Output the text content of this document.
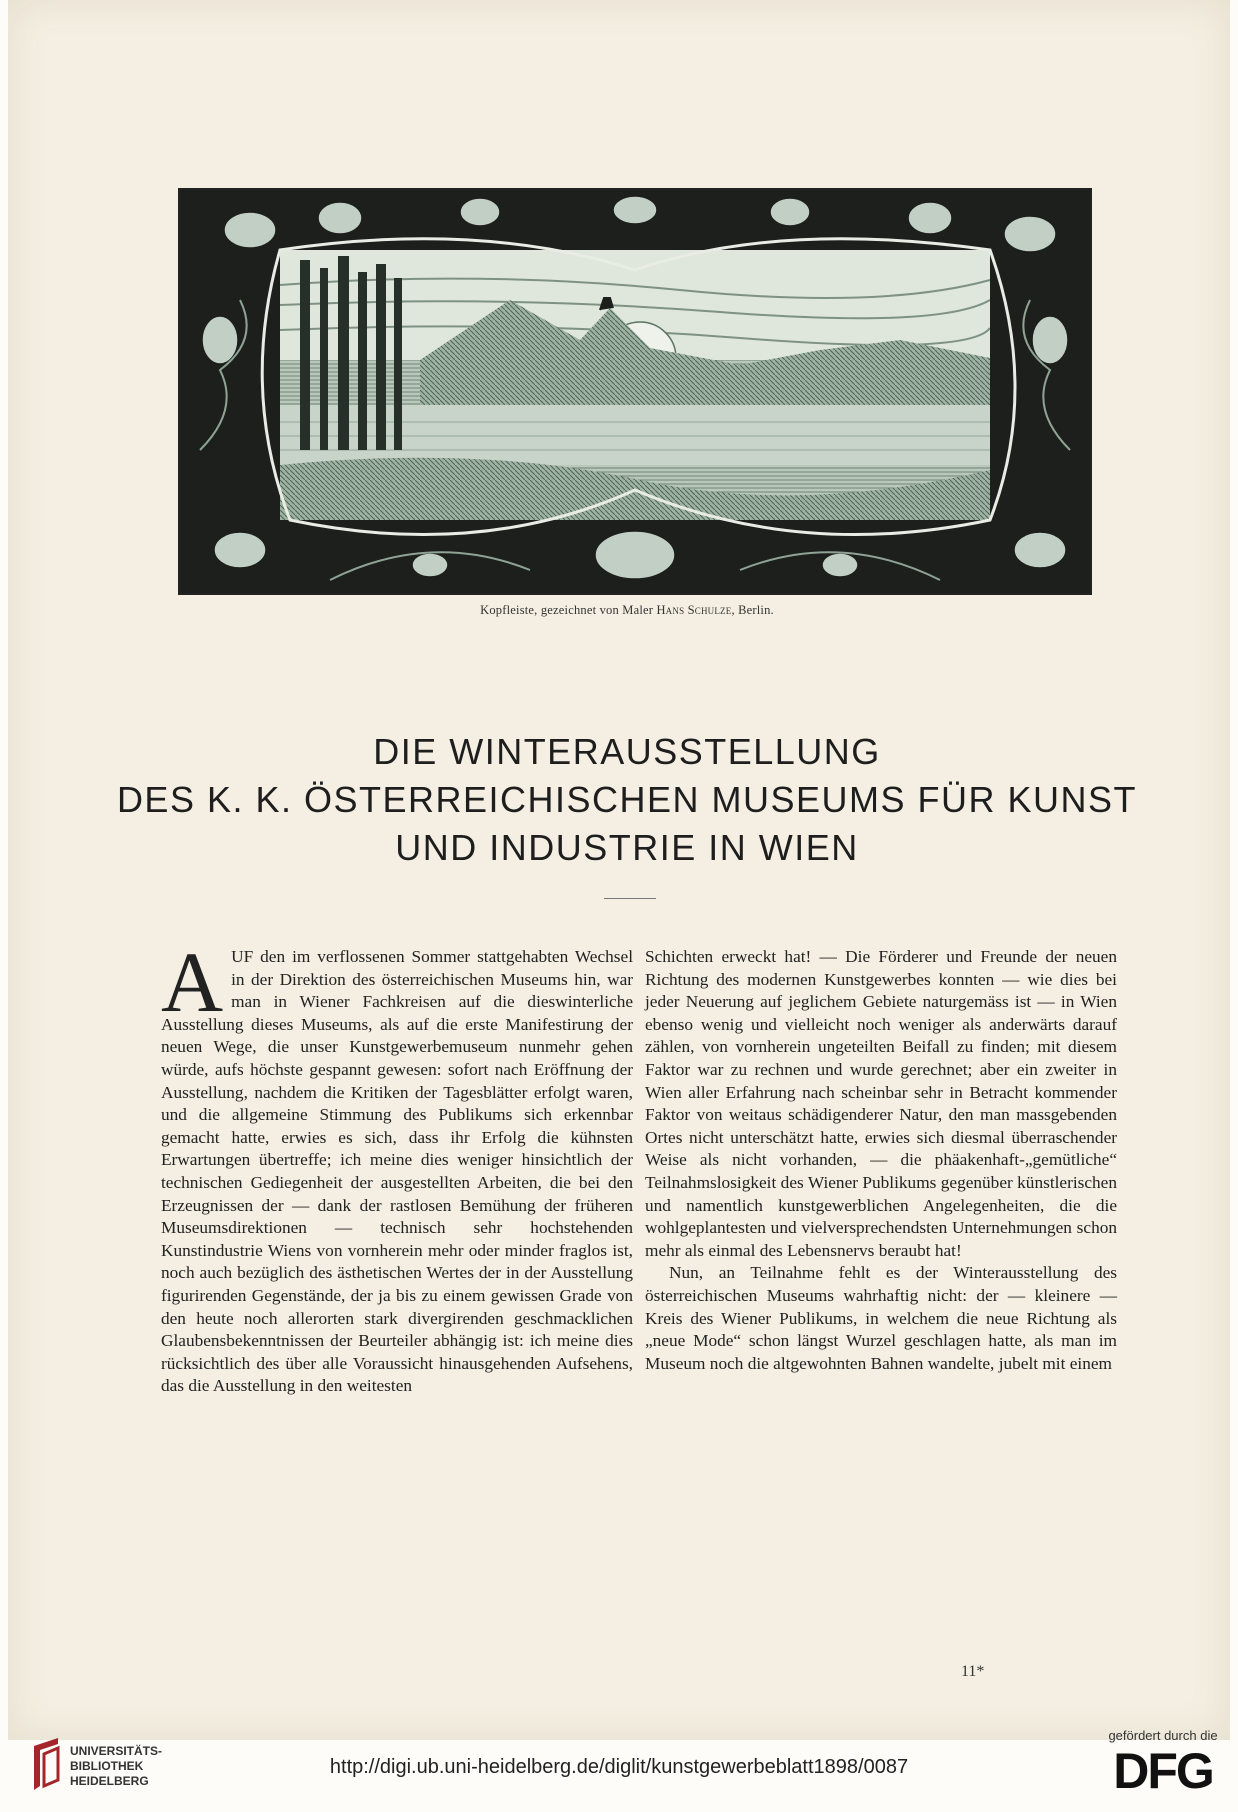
Kopfleiste, gezeichnet von Maler Hans Schulze, Berlin.
DIE WINTERAUSSTELLUNG
DES K. K. ÖSTERREICHISCHEN MUSEUMS FÜR KUNST
UND INDUSTRIE IN WIEN

AUF den im verflossenen Sommer stattgehabten Wechsel in der Direktion des österreichischen Museums hin, war man in Wiener Fachkreisen auf die dieswinterliche Ausstellung dieses Museums, als auf die erste Manifestirung der neuen Wege, die unser Kunstgewerbemuseum nunmehr gehen würde, aufs höchste gespannt gewesen: sofort nach Eröffnung der Ausstellung, nachdem die Kritiken der Tagesblätter erfolgt waren, und die allgemeine Stimmung des Publikums sich erkennbar gemacht hatte, erwies es sich, dass ihr Erfolg die kühnsten Erwartungen übertreffe; ich meine dies weniger hinsichtlich der technischen Gediegenheit der ausgestellten Arbeiten, die bei den Erzeugnissen der — dank der rastlosen Bemühung der früheren Museumsdirektionen — technisch sehr hochstehenden Kunstindustrie Wiens von vornherein mehr oder minder fraglos ist, noch auch bezüglich des ästhetischen Wertes der in der Ausstellung figurirenden Gegenstände, der ja bis zu einem gewissen Grade von den heute noch allerorten stark divergirenden geschmacklichen Glaubensbekenntnissen der Beurteiler abhängig ist: ich meine dies rücksichtlich des über alle Voraussicht hinausgehenden Aufsehens, das die Ausstellung in den weitesten

Schichten erweckt hat! — Die Förderer und Freunde der neuen Richtung des modernen Kunstgewerbes konnten — wie dies bei jeder Neuerung auf jeglichem Gebiete naturgemäss ist — in Wien ebenso wenig und vielleicht noch weniger als anderwärts darauf zählen, von vornherein ungeteilten Beifall zu finden; mit diesem Faktor war zu rechnen und wurde gerechnet; aber ein zweiter in Wien aller Erfahrung nach scheinbar sehr in Betracht kommender Faktor von weitaus schädigenderer Natur, den man massgebenden Ortes nicht unterschätzt hatte, erwies sich diesmal überraschender Weise als nicht vorhanden, — die phäakenhaft-„gemütliche“ Teilnahmslosigkeit des Wiener Publikums gegenüber künstlerischen und namentlich kunstgewerblichen Angelegenheiten, die die wohlgeplantesten und vielversprechendsten Unternehmungen schon mehr als einmal des Lebensnervs beraubt hat!

Nun, an Teilnahme fehlt es der Winterausstellung des österreichischen Museums wahrhaftig nicht: der — kleinere — Kreis des Wiener Publikums, in welchem die neue Richtung als „neue Mode“ schon längst Wurzel geschlagen hatte, als man im Museum noch die altgewohnten Bahnen wandelte, jubelt mit einem

11*
UNIVERSITÄTS-
BIBLIOTHEK
HEIDELBERG
http://digi.ub.uni-heidelberg.de/diglit/kunstgewerbeblatt1898/0087
gefördert durch die
DFG
